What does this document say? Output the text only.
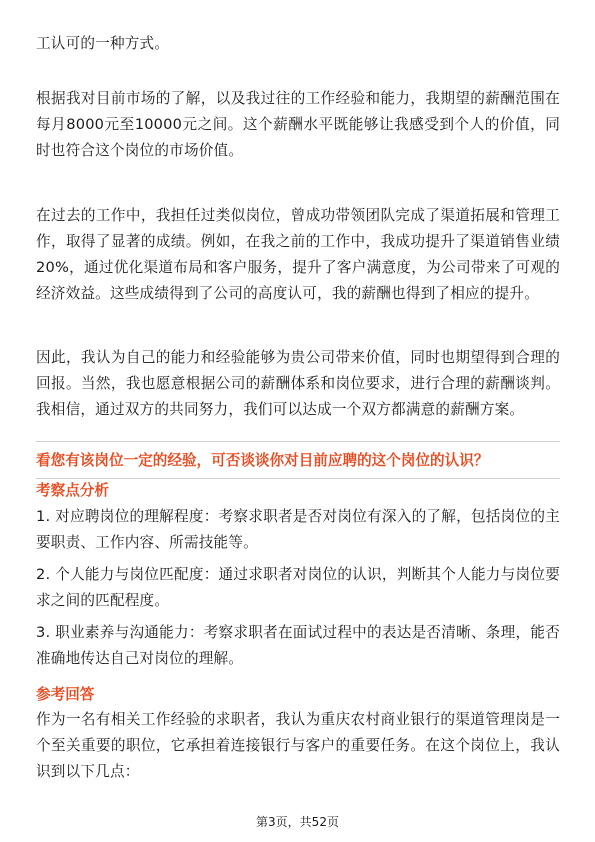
工认可的一种方式。

根据我对目前市场的了解，以及我过往的工作经验和能力，我期望的薪酬范围在每月8000元至10000元之间。这个薪酬水平既能够让我感受到个人的价值，同时也符合这个岗位的市场价值。

在过去的工作中，我担任过类似岗位，曾成功带领团队完成了渠道拓展和管理工作，取得了显著的成绩。例如，在我之前的工作中，我成功提升了渠道销售业绩20%，通过优化渠道布局和客户服务，提升了客户满意度，为公司带来了可观的经济效益。这些成绩得到了公司的高度认可，我的薪酬也得到了相应的提升。

因此，我认为自己的能力和经验能够为贵公司带来价值，同时也期望得到合理的回报。当然，我也愿意根据公司的薪酬体系和岗位要求，进行合理的薪酬谈判。我相信，通过双方的共同努力，我们可以达成一个双方都满意的薪酬方案。

看您有该岗位一定的经验，可否谈谈你对目前应聘的这个岗位的认识？

考察点分析

1. 对应聘岗位的理解程度：考察求职者是否对岗位有深入的了解，包括岗位的主要职责、工作内容、所需技能等。

2. 个人能力与岗位匹配度：通过求职者对岗位的认识，判断其个人能力与岗位要求之间的匹配程度。

3. 职业素养与沟通能力：考察求职者在面试过程中的表达是否清晰、条理，能否准确地传达自己对岗位的理解。

参考回答

作为一名有相关工作经验的求职者，我认为重庆农村商业银行的渠道管理岗是一个至关重要的职位，它承担着连接银行与客户的重要任务。在这个岗位上，我认识到以下几点：

第3页，共52页
